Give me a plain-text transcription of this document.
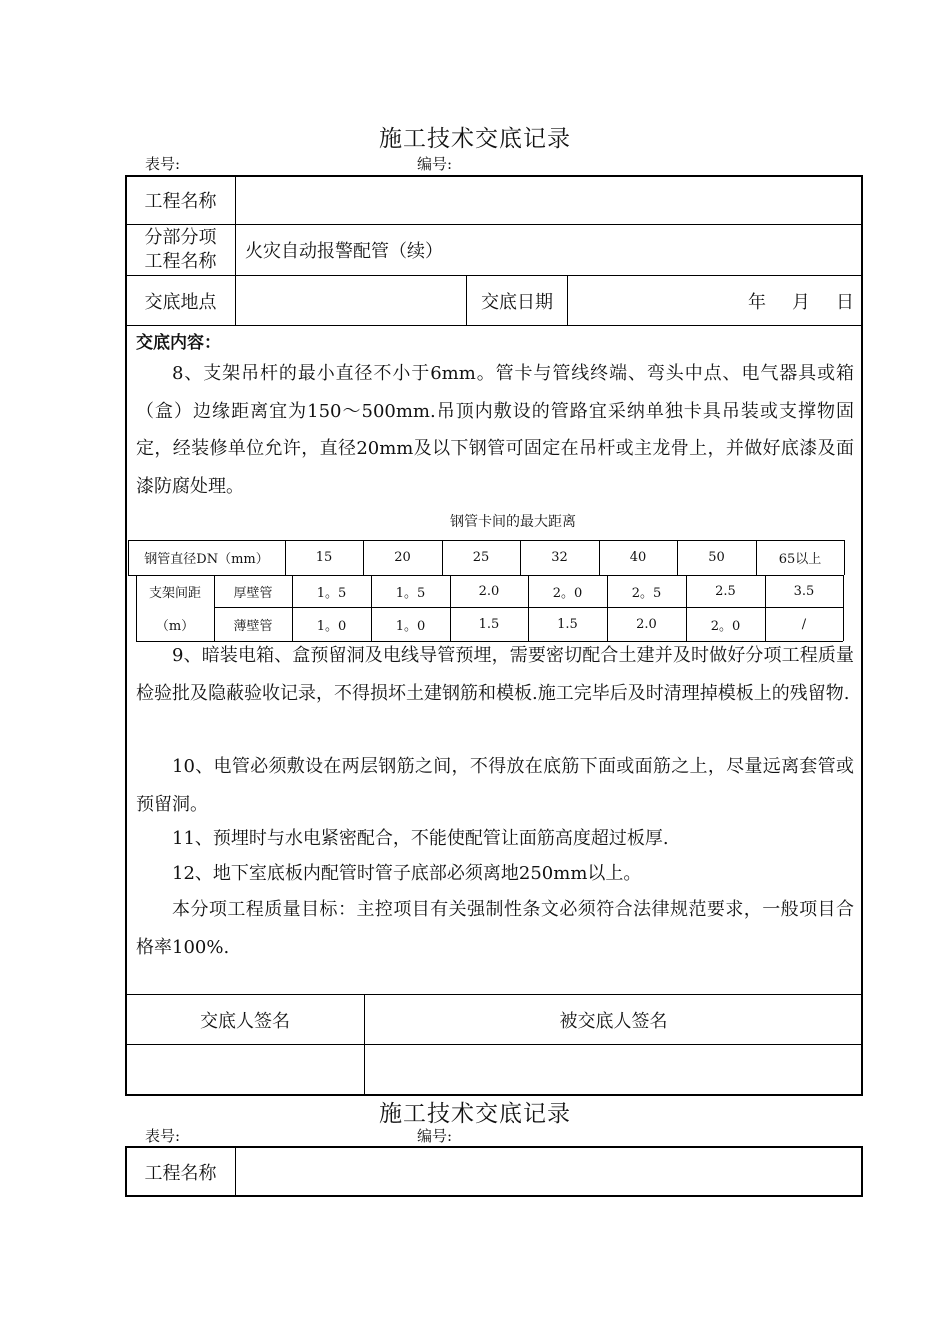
施工技术交底记录
表号:	编号:
工程名称
分部分项
工程名称	火灾自动报警配管（续）
交底地点	交底日期	年 月 日
交底内容：
8、支架吊杆的最小直径不小于6mm。管卡与管线终端、弯头中点、电气器具或箱（盒）边缘距离宜为150～500mm.吊顶内敷设的管路宜采纳单独卡具吊装或支撑物固定，经装修单位允许，直径20mm及以下钢管可固定在吊杆或主龙骨上，并做好底漆及面漆防腐处理。
钢管卡间的最大距离
钢管直径DN（mm）	15	20	25	32	40	50	65以上
支架间距
（m）
厚壁管	1。5	1。5	2.0	2。0	2。5	2.5	3.5
薄壁管	1。0	1。0	1.5	1.5	2.0	2。0	/
9、暗装电箱、盒预留洞及电线导管预埋，需要密切配合土建并及时做好分项工程质量检验批及隐蔽验收记录，不得损坏土建钢筋和模板.施工完毕后及时清理掉模板上的残留物.
10、电管必须敷设在两层钢筋之间，不得放在底筋下面或面筋之上，尽量远离套管或预留洞。
11、预埋时与水电紧密配合，不能使配管让面筋高度超过板厚.
12、地下室底板内配管时管子底部必须离地250mm以上。
本分项工程质量目标：主控项目有关强制性条文必须符合法律规范要求，一般项目合格率100%.
交底人签名	被交底人签名
施工技术交底记录
表号:	编号:
工程名称
